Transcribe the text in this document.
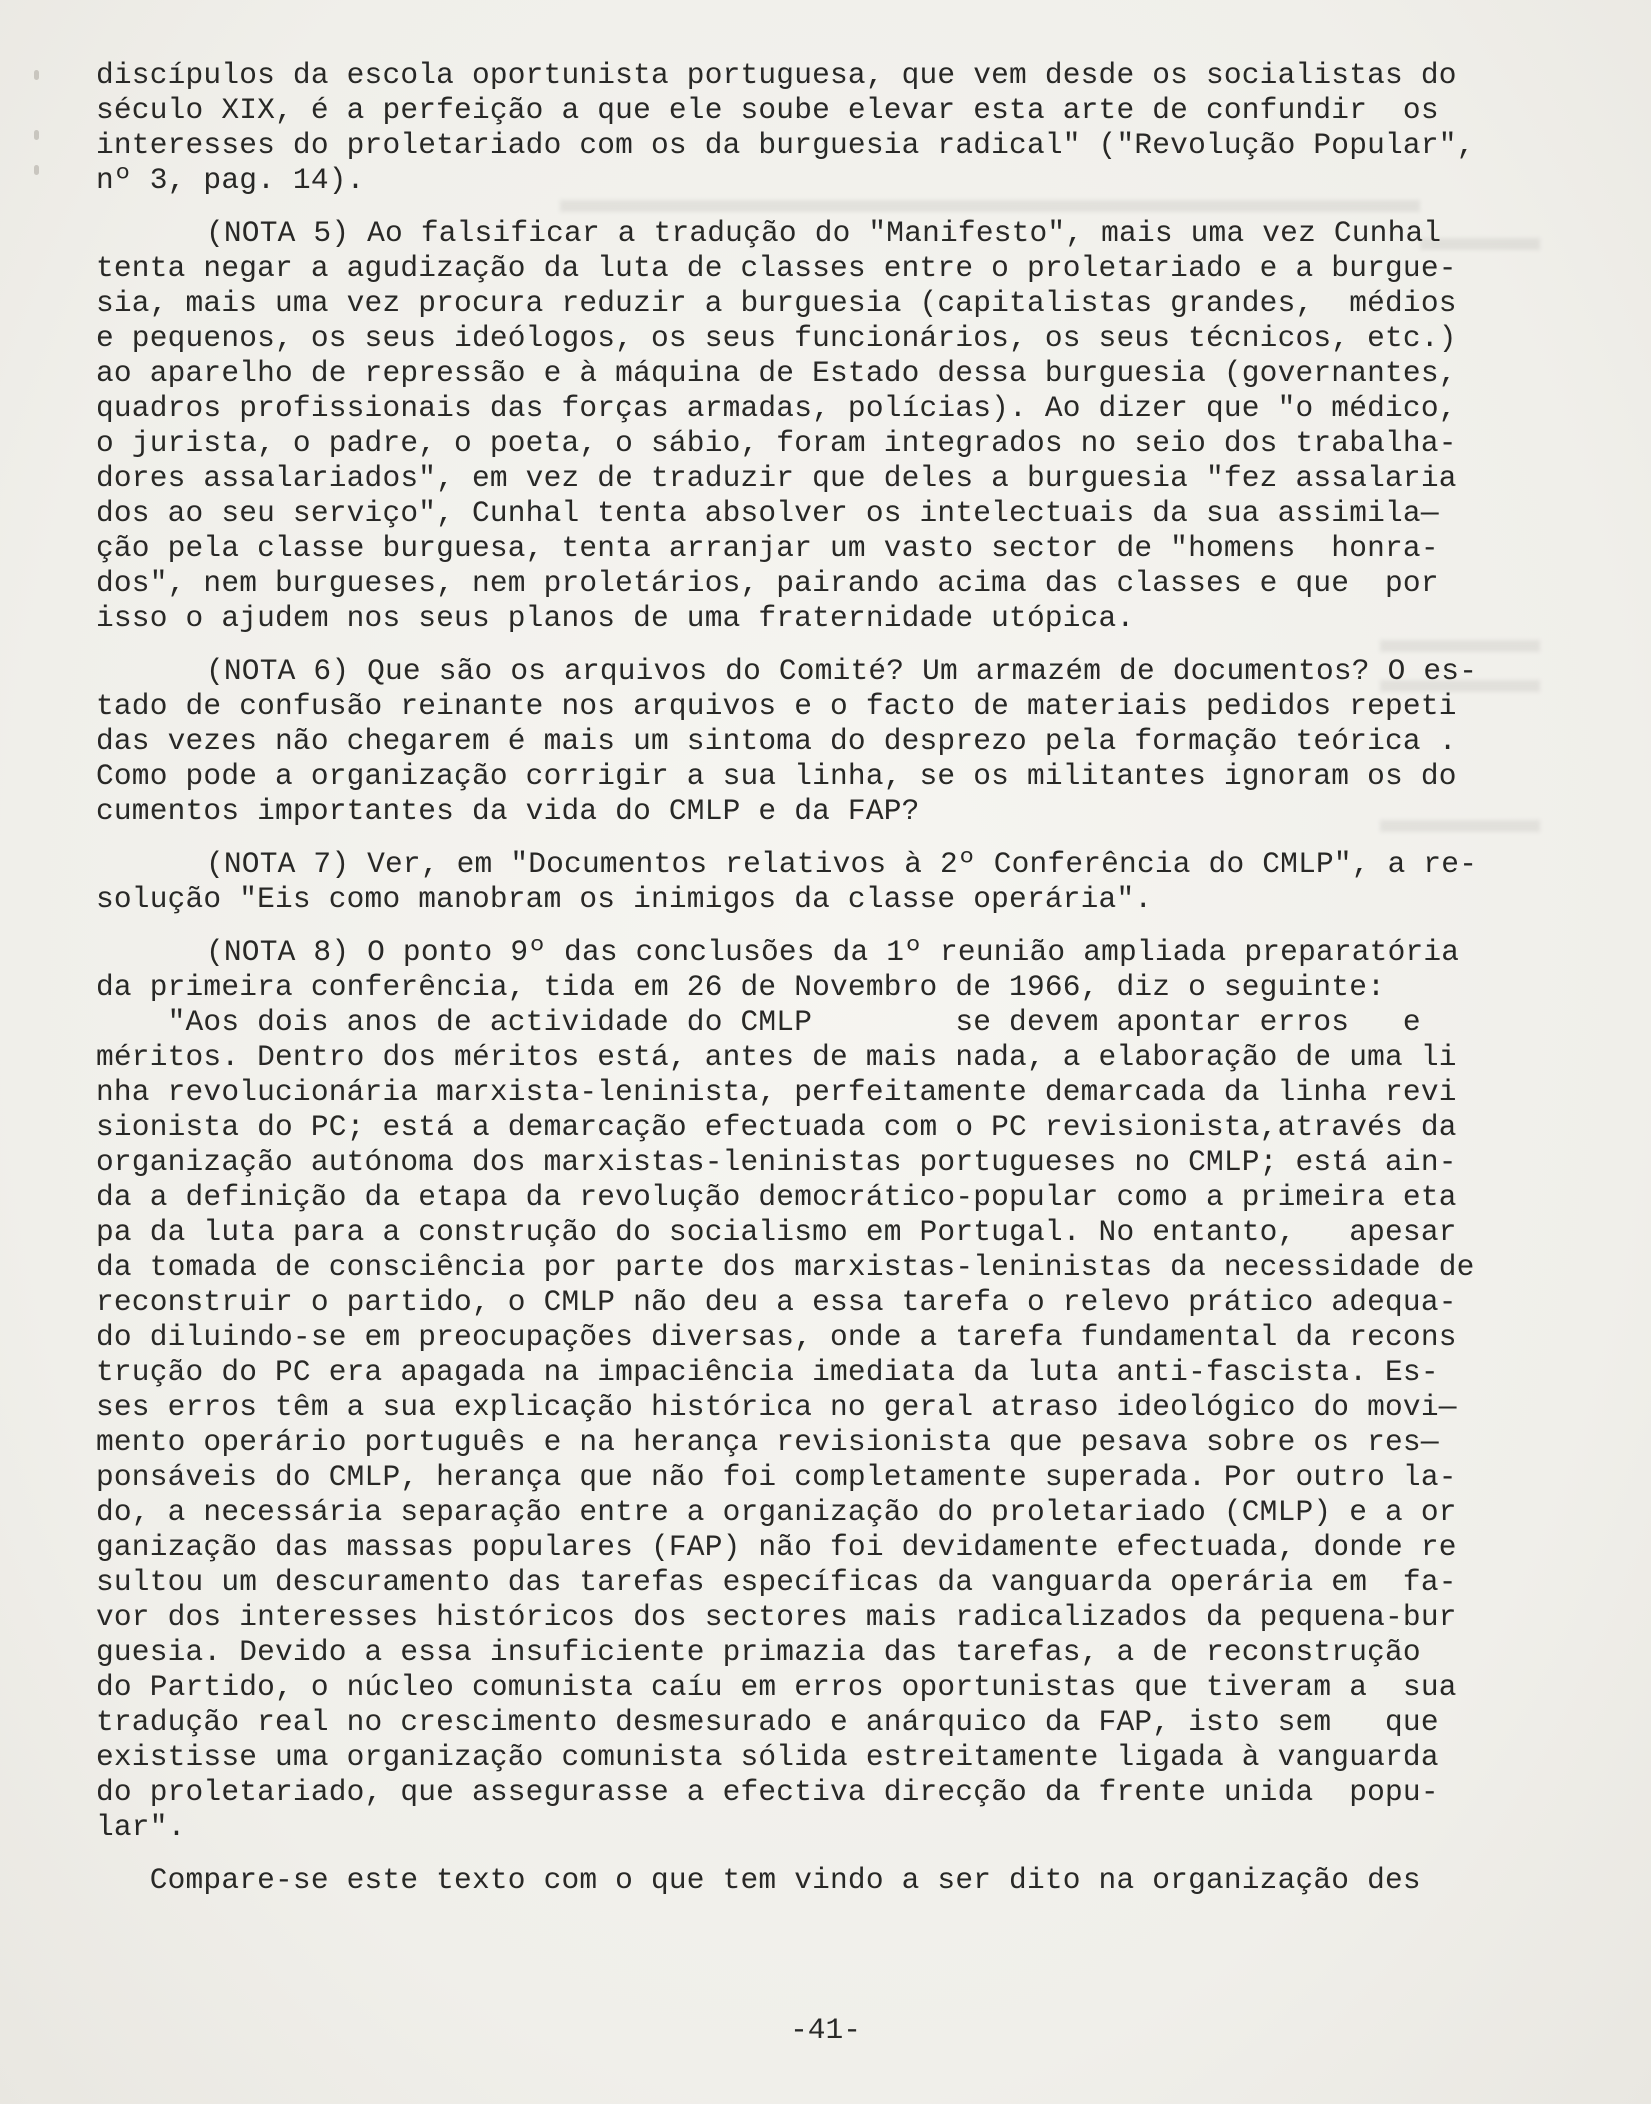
discípulos da escola oportunista portuguesa, que vem desde os socialistas do
século XIX, é a perfeição a que ele soube elevar esta arte de confundir  os
interesses do proletariado com os da burguesia radical" ("Revolução Popular",
nº 3, pag. 14).
(NOTA 5) Ao falsificar a tradução do "Manifesto", mais uma vez Cunhal
tenta negar a agudização da luta de classes entre o proletariado e a burgue-
sia, mais uma vez procura reduzir a burguesia (capitalistas grandes,  médios
e pequenos, os seus ideólogos, os seus funcionários, os seus técnicos, etc.)
ao aparelho de repressão e à máquina de Estado dessa burguesia (governantes,
quadros profissionais das forças armadas, polícias). Ao dizer que "o médico,
o jurista, o padre, o poeta, o sábio, foram integrados no seio dos trabalha-
dores assalariados", em vez de traduzir que deles a burguesia "fez assalaria
dos ao seu serviço", Cunhal tenta absolver os intelectuais da sua assimila—
ção pela classe burguesa, tenta arranjar um vasto sector de "homens  honra-
dos", nem burgueses, nem proletários, pairando acima das classes e que  por
isso o ajudem nos seus planos de uma fraternidade utópica.
(NOTA 6) Que são os arquivos do Comité? Um armazém de documentos? O es-
tado de confusão reinante nos arquivos e o facto de materiais pedidos repeti
das vezes não chegarem é mais um sintoma do desprezo pela formação teórica .
Como pode a organização corrigir a sua linha, se os militantes ignoram os do
cumentos importantes da vida do CMLP e da FAP?
(NOTA 7) Ver, em "Documentos relativos à 2º Conferência do CMLP", a re-
solução "Eis como manobram os inimigos da classe operária".
(NOTA 8) O ponto 9º das conclusões da 1º reunião ampliada preparatória
da primeira conferência, tida em 26 de Novembro de 1966, diz o seguinte:
"Aos dois anos de actividade do CMLP        se devem apontar erros   e
méritos. Dentro dos méritos está, antes de mais nada, a elaboração de uma li
nha revolucionária marxista-leninista, perfeitamente demarcada da linha revi
sionista do PC; está a demarcação efectuada com o PC revisionista,através da
organização autónoma dos marxistas-leninistas portugueses no CMLP; está ain-
da a definição da etapa da revolução democrático-popular como a primeira eta
pa da luta para a construção do socialismo em Portugal. No entanto,   apesar
da tomada de consciência por parte dos marxistas-leninistas da necessidade de
reconstruir o partido, o CMLP não deu a essa tarefa o relevo prático adequa-
do diluindo-se em preocupações diversas, onde a tarefa fundamental da recons
trução do PC era apagada na impaciência imediata da luta anti-fascista. Es-
ses erros têm a sua explicação histórica no geral atraso ideológico do movi—
mento operário português e na herança revisionista que pesava sobre os res—
ponsáveis do CMLP, herança que não foi completamente superada. Por outro la-
do, a necessária separação entre a organização do proletariado (CMLP) e a or
ganização das massas populares (FAP) não foi devidamente efectuada, donde re
sultou um descuramento das tarefas específicas da vanguarda operária em  fa-
vor dos interesses históricos dos sectores mais radicalizados da pequena-bur
guesia. Devido a essa insuficiente primazia das tarefas, a de reconstrução
do Partido, o núcleo comunista caíu em erros oportunistas que tiveram a  sua
tradução real no crescimento desmesurado e anárquico da FAP, isto sem   que
existisse uma organização comunista sólida estreitamente ligada à vanguarda
do proletariado, que assegurasse a efectiva direcção da frente unida  popu-
lar".
Compare-se este texto com o que tem vindo a ser dito na organização des
-41-
